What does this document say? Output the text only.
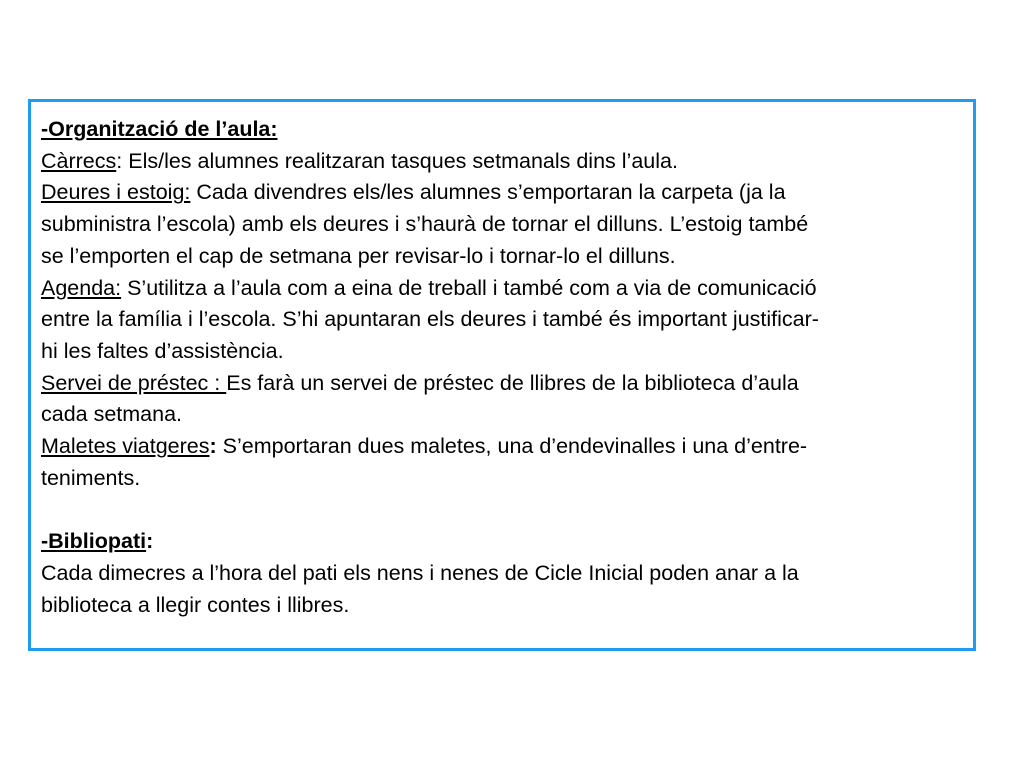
-Organització de l’aula:

Càrrecs: Els/les alumnes realitzaran tasques setmanals dins l’aula.

Deures i estoig: Cada divendres els/les alumnes s’emportaran la carpeta (ja la

subministra l’escola) amb els deures i s’haurà de tornar el dilluns. L’estoig també

se l’emporten el cap de setmana per revisar-lo i tornar-lo el dilluns.

Agenda: S’utilitza a l’aula com a eina de treball i també com a via de comunicació

entre la família i l’escola. S’hi apuntaran els deures i també és important justificar-

hi les faltes d’assistència.

Servei de préstec : Es farà un servei de préstec de llibres de la biblioteca d’aula

cada setmana.

Maletes viatgeres: S’emportaran dues maletes, una d’endevinalles i una d’entre-

teniments.

-Bibliopati:

Cada dimecres a l’hora del pati els nens i nenes de Cicle Inicial poden anar a la

biblioteca a llegir contes i llibres.
